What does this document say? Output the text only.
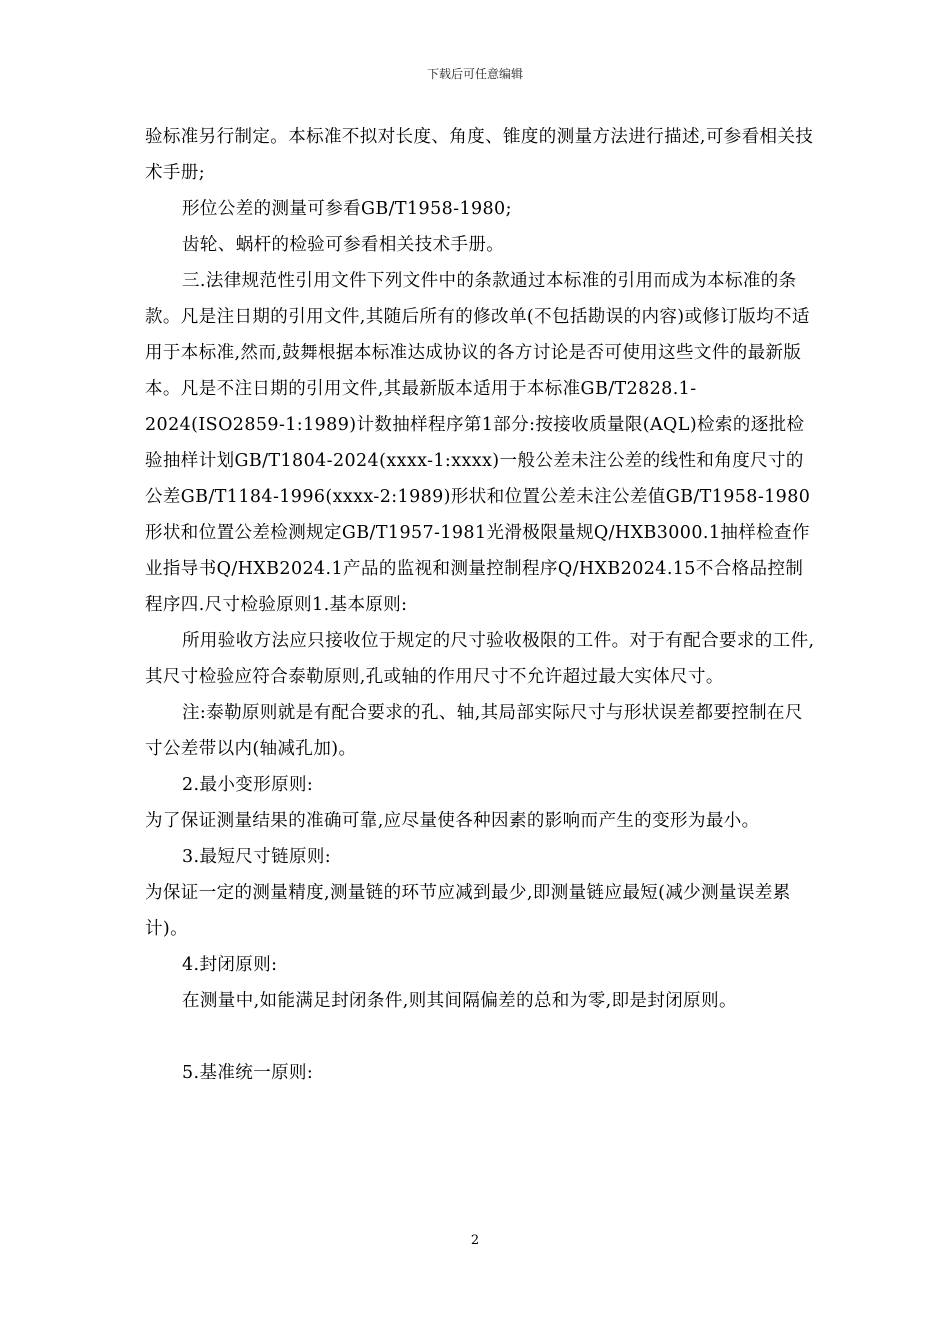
下载后可任意编辑

验标准另行制定。本标准不拟对长度、角度、锥度的测量方法进行描述,可参看相关技术手册;

形位公差的测量可参看GB/T1958-1980;

齿轮、蜗杆的检验可参看相关技术手册。

三.法律规范性引用文件下列文件中的条款通过本标准的引用而成为本标准的条款。凡是注日期的引用文件,其随后所有的修改单(不包括勘误的内容)或修订版均不适用于本标准,然而,鼓舞根据本标准达成协议的各方讨论是否可使用这些文件的最新版本。凡是不注日期的引用文件,其最新版本适用于本标准GB/T2828.1-2024(ISO2859-1:1989)计数抽样程序第1部分:按接收质量限(AQL)检索的逐批检验抽样计划GB/T1804-2024(xxxx-1:xxxx)一般公差未注公差的线性和角度尺寸的公差GB/T1184-1996(xxxx-2:1989)形状和位置公差未注公差值GB/T1958-1980形状和位置公差检测规定GB/T1957-1981光滑极限量规Q/HXB3000.1抽样检查作业指导书Q/HXB2024.1产品的监视和测量控制程序Q/HXB2024.15不合格品控制程序四.尺寸检验原则1.基本原则:

所用验收方法应只接收位于规定的尺寸验收极限的工件。对于有配合要求的工件,其尺寸检验应符合泰勒原则,孔或轴的作用尺寸不允许超过最大实体尺寸。

注:泰勒原则就是有配合要求的孔、轴,其局部实际尺寸与形状误差都要控制在尺寸公差带以内(轴减孔加)。

2.最小变形原则:

为了保证测量结果的准确可靠,应尽量使各种因素的影响而产生的变形为最小。

3.最短尺寸链原则:

为保证一定的测量精度,测量链的环节应减到最少,即测量链应最短(减少测量误差累计)。

4.封闭原则:

在测量中,如能满足封闭条件,则其间隔偏差的总和为零,即是封闭原则。

5.基准统一原则:

2
